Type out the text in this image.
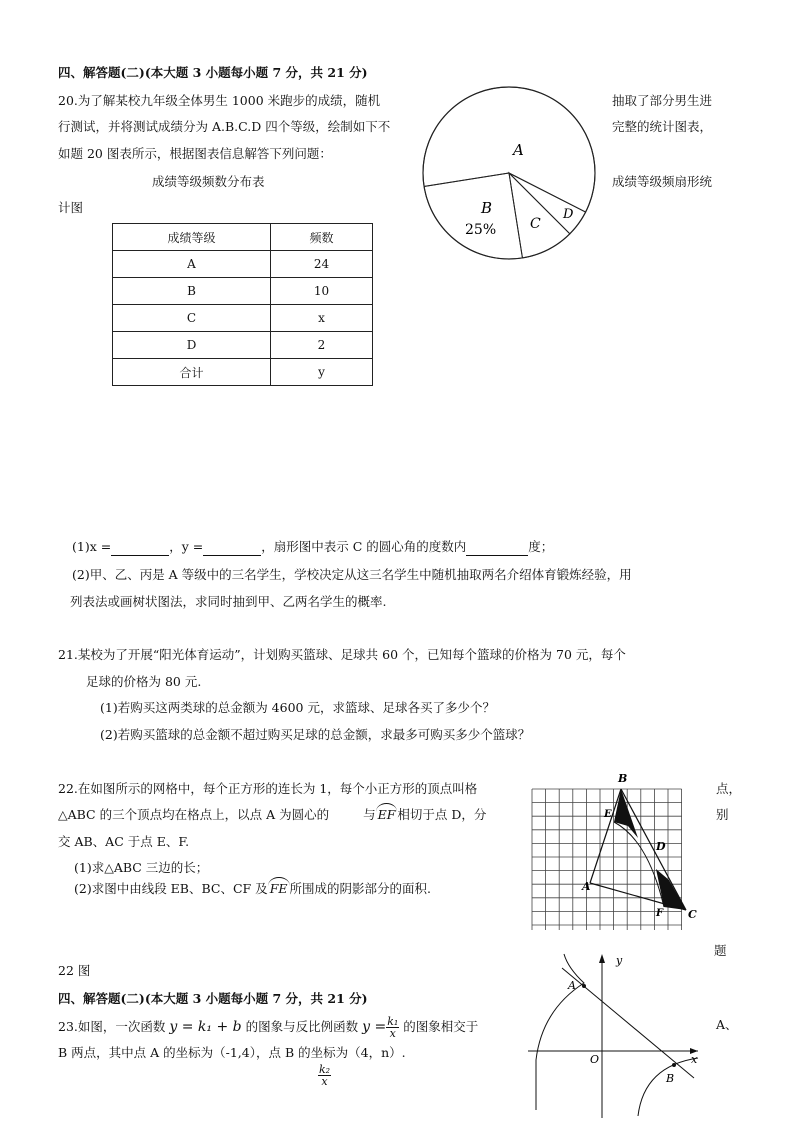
四、解答题(二)(本大题 3 小题每小题 7 分，共 21 分)
20.为了解某校九年级全体男生 1000 米跑步的成绩，随机	抽取了部分男生进
行测试，并将测试成绩分为 A.B.C.D 四个等级，绘制如下不	完整的统计图表，
如题 20 图表所示，根据图表信息解答下列问题：
成绩等级频数分布表	成绩等级频扇形统
计图
成绩等级	频数
A	24
B	10
C	x
D	2
合计	y
A
B
25% C
D
(1)x =	，y =	，扇形图中表示 C 的圆心角的度数内	度；
(2)甲、乙、丙是 A 等级中的三名学生，学校决定从这三名学生中随机抽取两名介绍体育锻炼经验，用
列表法或画树状图法，求同时抽到甲、乙两名学生的概率.
21.某校为了开展“阳光体育运动”，计划购买篮球、足球共 60 个，已知每个篮球的价格为 70 元，每个
足球的价格为 80 元.
(1)若购买这两类球的总金额为 4600 元，求篮球、足球各买了多少个？
(2)若购买篮球的总金额不超过购买足球的总金额，求最多可购买多少个篮球？
22.在如图所示的网格中，每个正方形的连长为 1，每个小正方形的顶点叫格	点，
△ABC 的三个顶点均在格点上，以点 A 为圆心的	与 EF 相切于点 D，分	别
交 AB、AC 于点 E、F.
(1)求△ABC 三边的长；
(2)求图中由线段 EB、BC、CF 及 FE 所围成的阴影部分的面积.
题
22 图
B
E
D
A
F C
四、解答题(二)(本大题 3 小题每小题 7 分，共 21 分)
23.如图，一次函数 y = k₁ + b 的图象与反比例函数 $y = \frac{\text{k₁}}{x}$ 的图象相交于	A、
B 两点，其中点 A 的坐标为（-1,4），点 B 的坐标为（4，n）.
$\frac{\text{k₂}}{x}$
y
x
O
A
B
